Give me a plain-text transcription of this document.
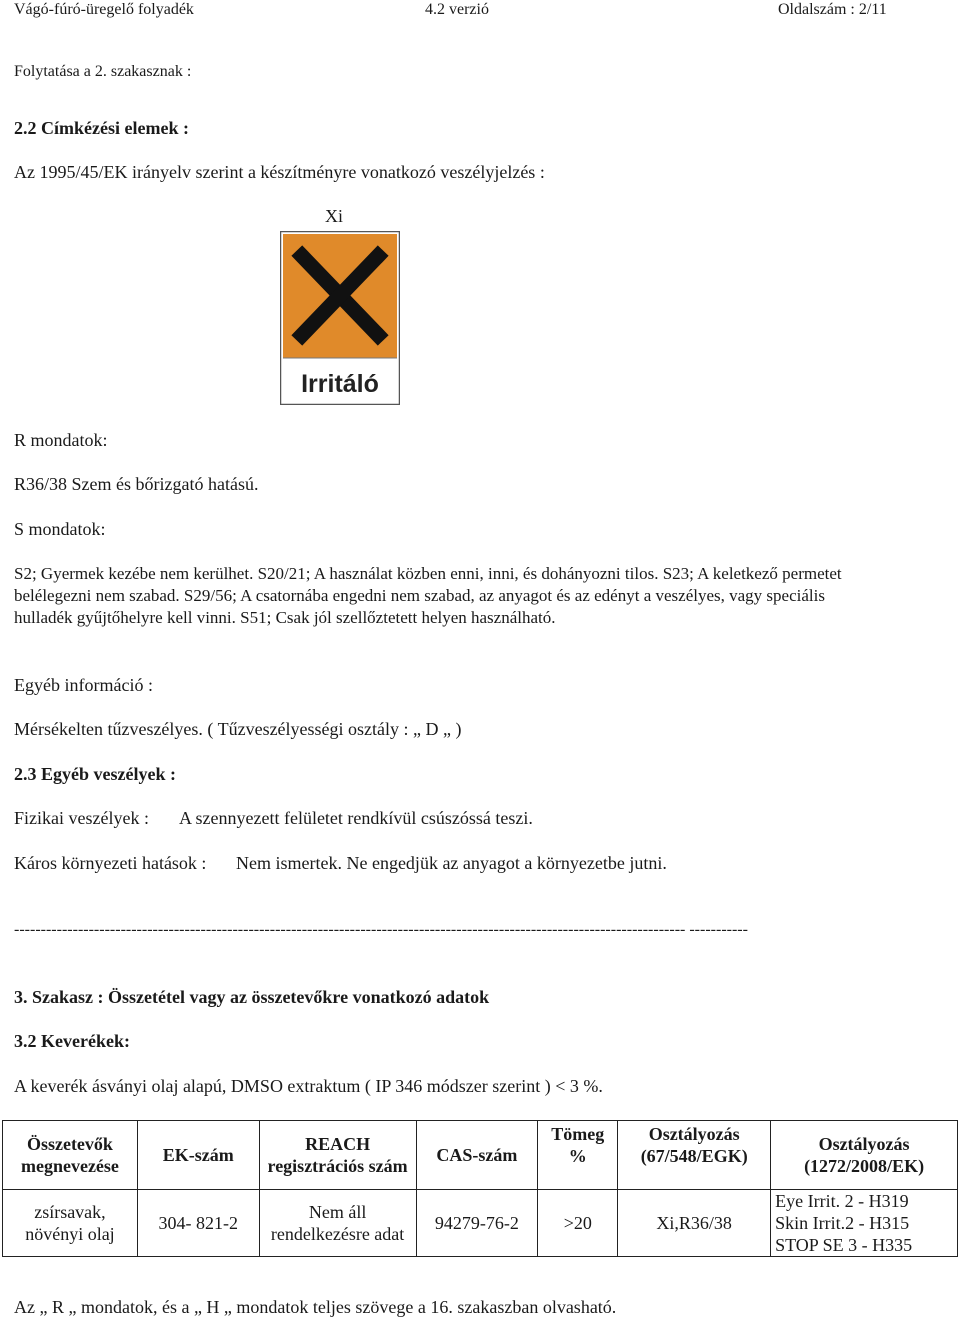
Vágó-fúró-üregelő folyadék	4.2 verzió	Oldalszám : 2/11
Folytatása a 2. szakasznak :
2.2 Címkézési elemek :
Az 1995/45/EK irányelv szerint a készítményre vonatkozó veszélyjelzés :
Xi
Irritáló
R mondatok:
R36/38 Szem és bőrizgató hatású.
S mondatok:
S2; Gyermek kezébe nem kerülhet. S20/21; A használat közben enni, inni, és dohányozni tilos. S23; A keletkező permetet belélegezni nem szabad. S29/56; A csatornába engedni nem szabad, az anyagot és az edényt a veszélyes, vagy speciális hulladék gyűjtőhelyre kell vinni. S51; Csak jól szellőztetett helyen használható.
Egyéb információ :
Mérsékelten tűzveszélyes. ( Tűzveszélyességi osztály : „ D „ )
2.3 Egyéb veszélyek :
Fizikai veszélyek : A szennyezett felületet rendkívül csúszóssá teszi.
Káros környezeti hatások : Nem ismertek. Ne engedjük az anyagot a környezetbe jutni.
------------------------------------------------------------------------------------------------------------------------------ -----------
3. Szakasz : Összetétel vagy az összetevőkre vonatkozó adatok
3.2 Keverékek:
A keverék ásványi olaj alapú, DMSO extraktum ( IP 346 módszer szerint ) < 3 %.
Összetevők megnevezése	EK-szám	REACH regisztrációs szám	CAS-szám	Tömeg %	Osztályozás (67/548/EGK)	Osztályozás (1272/2008/EK)
zsírsavak, növényi olaj	304- 821-2	Nem áll rendelkezésre adat	94279-76-2	>20	Xi,R36/38	Eye Irrit. 2 - H319
Skin Irrit.2 - H315
STOP SE 3 - H335
Az „ R „ mondatok, és a „ H „ mondatok teljes szövege a 16. szakaszban olvasható.
